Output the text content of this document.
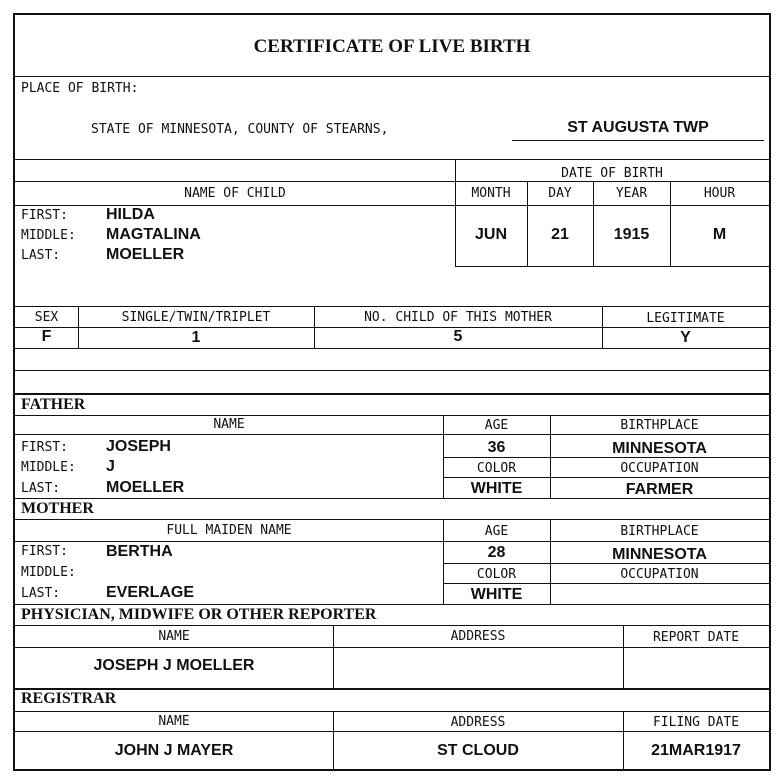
CERTIFICATE OF LIVE BIRTH
PLACE OF BIRTH:
STATE OF MINNESOTA, COUNTY OF STEARNS,	ST AUGUSTA TWP
DATE OF BIRTH
NAME OF CHILD	MONTH	DAY	YEAR	HOUR
FIRST: HILDA
MIDDLE: MAGTALINA
LAST:	MOELLER
JUN	21	1915	M
SEX	SINGLE/TWIN/TRIPLET	NO. CHILD OF THIS MOTHER	LEGITIMATE
F	1	5	Y
FATHER
NAME	AGE	BIRTHPLACE
FIRST: JOSEPH	36	MINNESOTA
MIDDLE: J	COLOR	OCCUPATION
LAST:	MOELLER	WHITE	FARMER
MOTHER
FULL MAIDEN NAME	AGE	BIRTHPLACE
FIRST: BERTHA	28	MINNESOTA
MIDDLE:	COLOR	OCCUPATION
LAST:	EVERLAGE	WHITE
PHYSICIAN, MIDWIFE OR OTHER REPORTER
NAME	ADDRESS	REPORT DATE
JOSEPH J MOELLER
REGISTRAR
NAME	ADDRESS	FILING DATE
JOHN J MAYER	ST CLOUD	21MAR1917
